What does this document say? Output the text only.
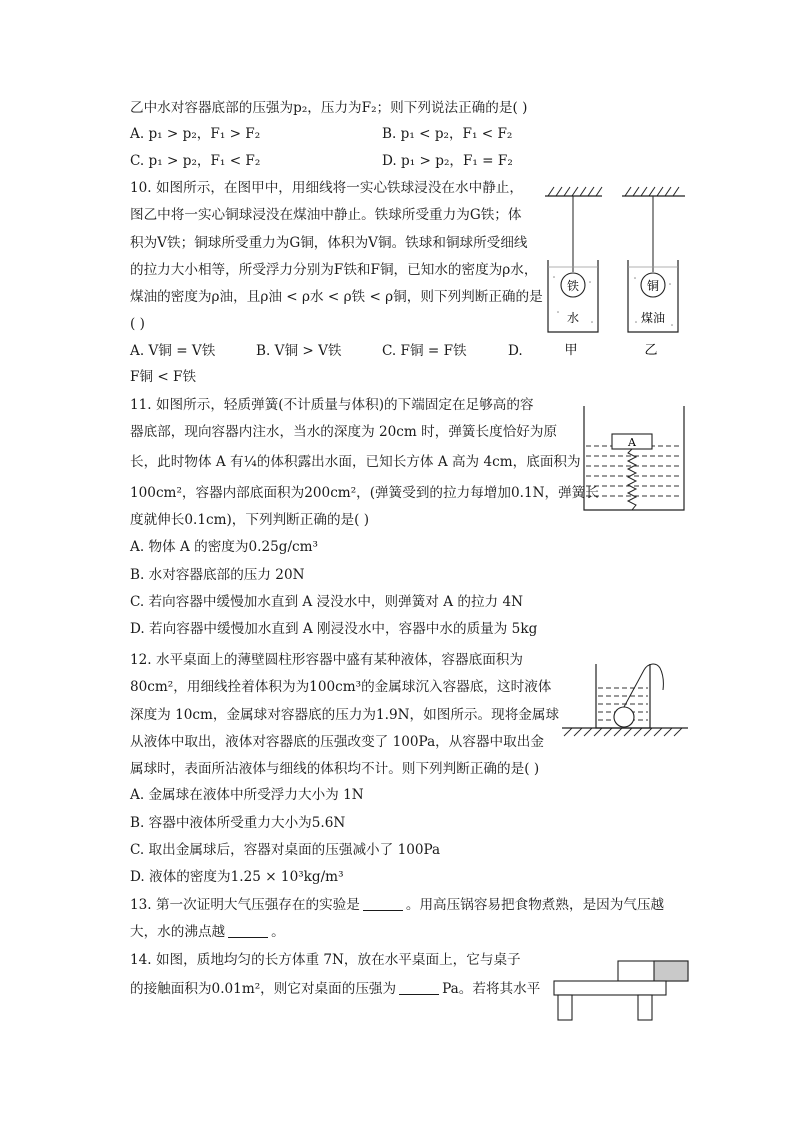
乙中水对容器底部的压强为p₂，压力为F₂；则下列说法正确的是( )
A. p₁ > p₂，F₁ > F₂	B. p₁ < p₂，F₁ < F₂
C. p₁ > p₂，F₁ < F₂	D. p₁ > p₂，F₁ = F₂
10. 如图所示，在图甲中，用细线将一实心铁球浸没在水中静止，
图乙中将一实心铜球浸没在煤油中静止。铁球所受重力为G铁；体
积为V铁；铜球所受重力为G铜，体积为V铜。铁球和铜球所受细线
的拉力大小相等，所受浮力分别为F铁和F铜，已知水的密度为ρ水，
煤油的密度为ρ油，且ρ油 < ρ水 < ρ铁 < ρ铜，则下列判断正确的是
( )
A. V铜 = V铁	B. V铜 > V铁	C. F铜 = F铁	D.
F铜 < F铁
铁	铜
水	煤油
甲	乙
11. 如图所示，轻质弹簧(不计质量与体积)的下端固定在足够高的容
器底部，现向容器内注水，当水的深度为 20cm 时，弹簧长度恰好为原
长，此时物体 A 有¼的体积露出水面，已知长方体 A 高为 4cm，底面积为
100cm²，容器内部底面积为200cm²，(弹簧受到的拉力每增加0.1N，弹簧长
度就伸长0.1cm)，下列判断正确的是( )
A. 物体 A 的密度为0.25g/cm³
B. 水对容器底部的压力 20N
C. 若向容器中缓慢加水直到 A 浸没水中，则弹簧对 A 的拉力 4N
D. 若向容器中缓慢加水直到 A 刚浸没水中，容器中水的质量为 5kg
A
12. 水平桌面上的薄壁圆柱形容器中盛有某种液体，容器底面积为
80cm²，用细线拴着体积为为100cm³的金属球沉入容器底，这时液体
深度为 10cm，金属球对容器底的压力为1.9N，如图所示。现将金属球
从液体中取出，液体对容器底的压强改变了 100Pa，从容器中取出金
属球时，表面所沾液体与细线的体积均不计。则下列判断正确的是( )
A. 金属球在液体中所受浮力大小为 1N
B. 容器中液体所受重力大小为5.6N
C. 取出金属球后，容器对桌面的压强减小了 100Pa
D. 液体的密度为1.25 × 10³kg/m³
13. 第一次证明大气压强存在的实验是	。用高压锅容易把食物煮熟，是因为气压越
大，水的沸点越	。
14. 如图，质地均匀的长方体重 7N，放在水平桌面上，它与桌子
的接触面积为0.01m²，则它对桌面的压强为	Pa。若将其水平
